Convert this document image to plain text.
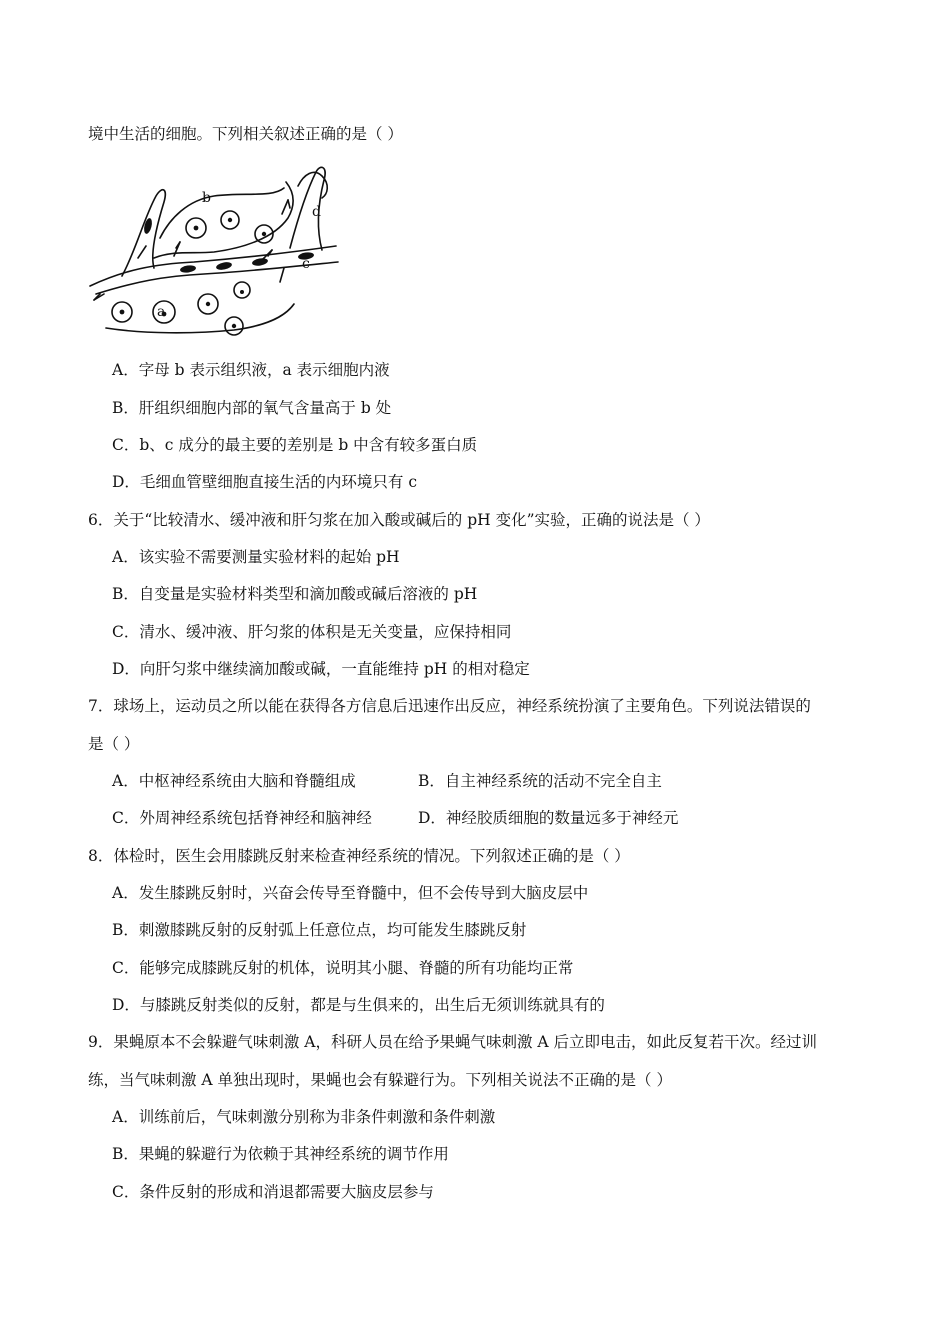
境中生活的细胞。下列相关叙述正确的是（ ）
a
b
c
d
A．字母 b 表示组织液，a 表示细胞内液
B．肝组织细胞内部的氧气含量高于 b 处
C．b、c 成分的最主要的差别是 b 中含有较多蛋白质
D．毛细血管壁细胞直接生活的内环境只有 c
6．关于“比较清水、缓冲液和肝匀浆在加入酸或碱后的 pH 变化”实验，正确的说法是（ ）
A．该实验不需要测量实验材料的起始 pH
B．自变量是实验材料类型和滴加酸或碱后溶液的 pH
C．清水、缓冲液、肝匀浆的体积是无关变量，应保持相同
D．向肝匀浆中继续滴加酸或碱，一直能维持 pH 的相对稳定
7．球场上，运动员之所以能在获得各方信息后迅速作出反应，神经系统扮演了主要角色。下列说法错误的
是（ ）
A．中枢神经系统由大脑和脊髓组成	B．自主神经系统的活动不完全自主
C．外周神经系统包括脊神经和脑神经	D．神经胶质细胞的数量远多于神经元
8．体检时，医生会用膝跳反射来检查神经系统的情况。下列叙述正确的是（ ）
A．发生膝跳反射时，兴奋会传导至脊髓中，但不会传导到大脑皮层中
B．刺激膝跳反射的反射弧上任意位点，均可能发生膝跳反射
C．能够完成膝跳反射的机体，说明其小腿、脊髓的所有功能均正常
D．与膝跳反射类似的反射，都是与生俱来的，出生后无须训练就具有的
9．果蝇原本不会躲避气味刺激 A，科研人员在给予果蝇气味刺激 A 后立即电击，如此反复若干次。经过训
练，当气味刺激 A 单独出现时，果蝇也会有躲避行为。下列相关说法不正确的是（ ）
A．训练前后，气味刺激分别称为非条件刺激和条件刺激
B．果蝇的躲避行为依赖于其神经系统的调节作用
C．条件反射的形成和消退都需要大脑皮层参与
